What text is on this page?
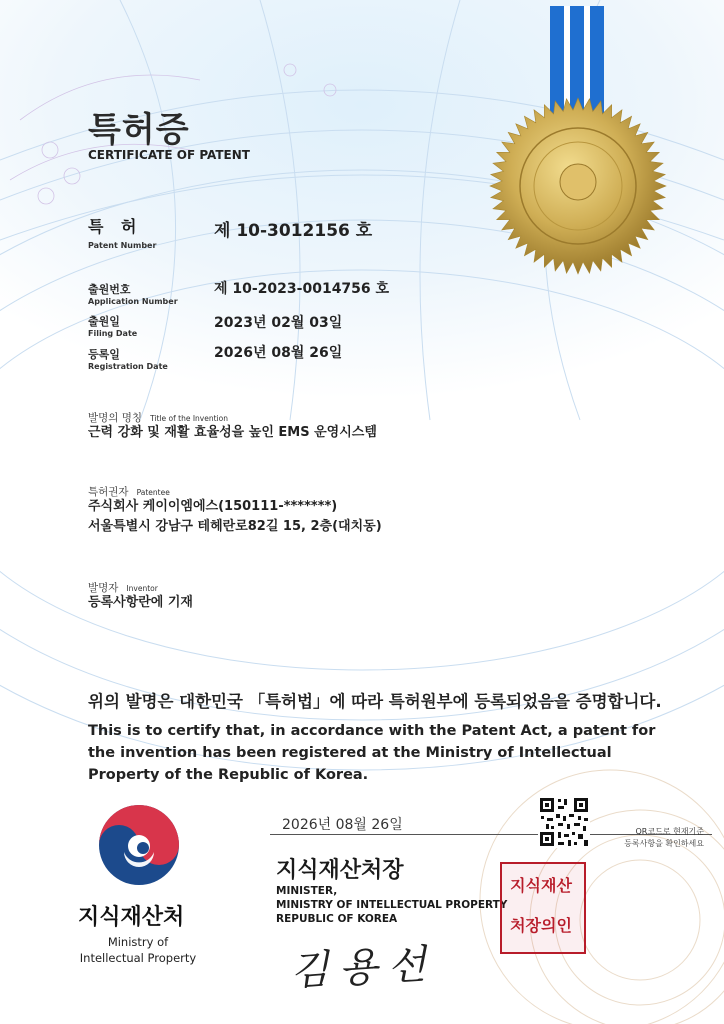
특허증
CERTIFICATE OF PATENT
특 허
Patent Number
제 10-3012156 호
출원번호
Application Number
제 10-2023-0014756 호
출원일
Filing Date
2023년 02월 03일
등록일
Registration Date
2026년 08월 26일
발명의 명칭 Title of the Invention
근력 강화 및 재활 효율성을 높인 EMS 운영시스템
특허권자 Patentee
주식회사 케이이엠에스(150111-*******)
서울특별시 강남구 테헤란로82길 15, 2층(대치동)
발명자 Inventor
등록사항란에 기재
위의 발명은 대한민국 「특허법」에 따라 특허원부에 등록되었음을 증명합니다.
This is to certify that, in accordance with the Patent Act, a patent for the invention has been registered at the Ministry of Intellectual Property of the Republic of Korea.
지식재산처
Ministry of
Intellectual Property
2026년 08월 26일	QR코드로 현재기준
등록사항을 확인하세요
지식재산처장
MINISTER,
MINISTRY OF INTELLECTUAL PROPERTY
REPUBLIC OF KOREA
김용선
지식재산
처장의인
